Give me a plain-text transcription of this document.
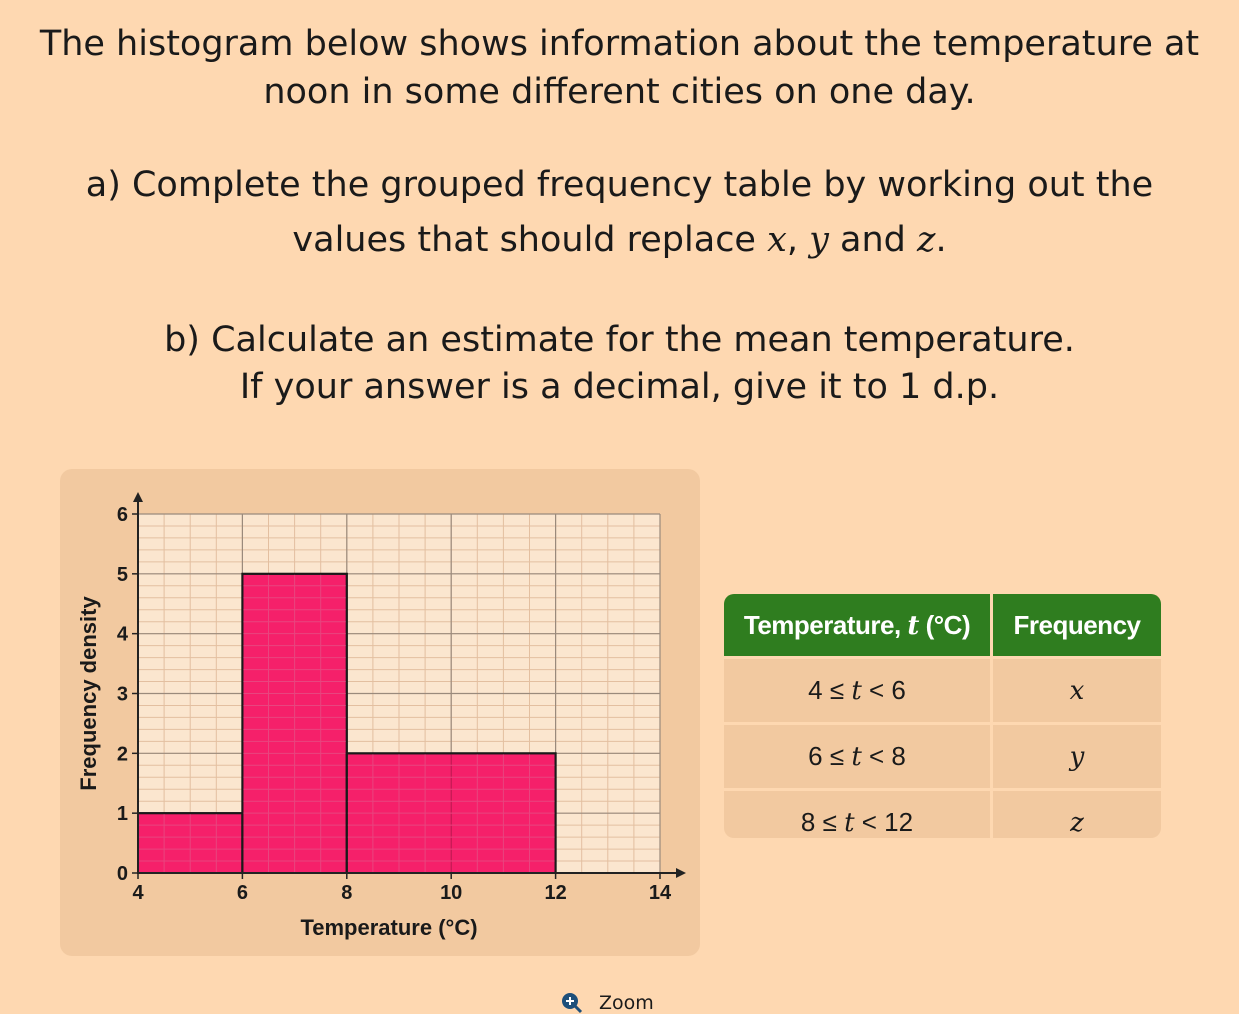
The histogram below shows information about the temperature at
noon in some different cities on one day.
a) Complete the grouped frequency table by working out the
values that should replace x, y and z.
b) Calculate an estimate for the mean temperature.
If your answer is a decimal, give it to 1 d.p.
4	6	8	10	12	14
0
1
2
3
4
5
6
Temperature (°C)
Frequency density	Temperature, t (°C)	Frequency
4 ≤ t < 6	x
6 ≤ t < 8	y
8 ≤ t < 12	z
Zoom
